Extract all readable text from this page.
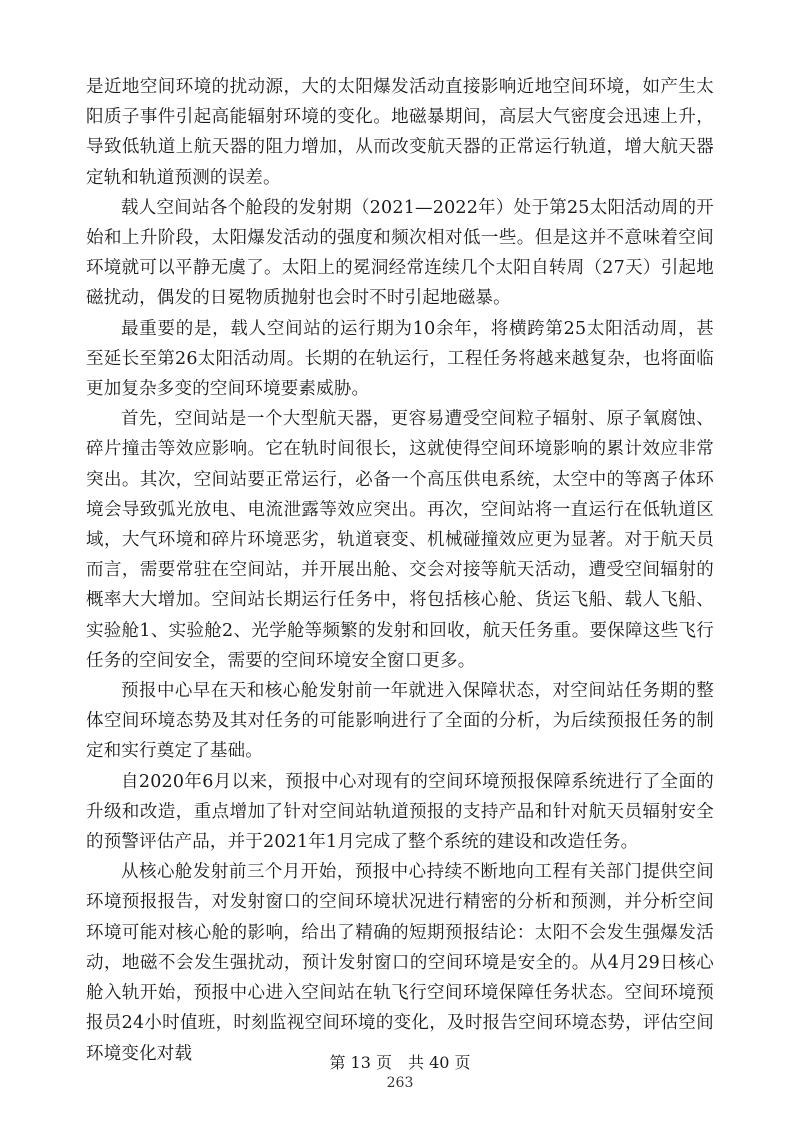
是近地空间环境的扰动源，大的太阳爆发活动直接影响近地空间环境，如产生太阳质子事件引起高能辐射环境的变化。地磁暴期间，高层大气密度会迅速上升，导致低轨道上航天器的阻力增加，从而改变航天器的正常运行轨道，增大航天器定轨和轨道预测的误差。

载人空间站各个舱段的发射期（2021—2022年）处于第25太阳活动周的开始和上升阶段，太阳爆发活动的强度和频次相对低一些。但是这并不意味着空间环境就可以平静无虞了。太阳上的冕洞经常连续几个太阳自转周（27天）引起地磁扰动，偶发的日冕物质抛射也会时不时引起地磁暴。

最重要的是，载人空间站的运行期为10余年，将横跨第25太阳活动周，甚至延长至第26太阳活动周。长期的在轨运行，工程任务将越来越复杂，也将面临更加复杂多变的空间环境要素威胁。

首先，空间站是一个大型航天器，更容易遭受空间粒子辐射、原子氧腐蚀、碎片撞击等效应影响。它在轨时间很长，这就使得空间环境影响的累计效应非常突出。其次，空间站要正常运行，必备一个高压供电系统，太空中的等离子体环境会导致弧光放电、电流泄露等效应突出。再次，空间站将一直运行在低轨道区域，大气环境和碎片环境恶劣，轨道衰变、机械碰撞效应更为显著。对于航天员而言，需要常驻在空间站，并开展出舱、交会对接等航天活动，遭受空间辐射的概率大大增加。空间站长期运行任务中，将包括核心舱、货运飞船、载人飞船、实验舱1、实验舱2、光学舱等频繁的发射和回收，航天任务重。要保障这些飞行任务的空间安全，需要的空间环境安全窗口更多。

预报中心早在天和核心舱发射前一年就进入保障状态，对空间站任务期的整体空间环境态势及其对任务的可能影响进行了全面的分析，为后续预报任务的制定和实行奠定了基础。

自2020年6月以来，预报中心对现有的空间环境预报保障系统进行了全面的升级和改造，重点增加了针对空间站轨道预报的支持产品和针对航天员辐射安全的预警评估产品，并于2021年1月完成了整个系统的建设和改造任务。

从核心舱发射前三个月开始，预报中心持续不断地向工程有关部门提供空间环境预报报告，对发射窗口的空间环境状况进行精密的分析和预测，并分析空间环境可能对核心舱的影响，给出了精确的短期预报结论：太阳不会发生强爆发活动，地磁不会发生强扰动，预计发射窗口的空间环境是安全的。从4月29日核心舱入轨开始，预报中心进入空间站在轨飞行空间环境保障任务状态。空间环境预报员24小时值班，时刻监视空间环境的变化，及时报告空间环境态势，评估空间环境变化对载	第 13 页　共 40 页
263
